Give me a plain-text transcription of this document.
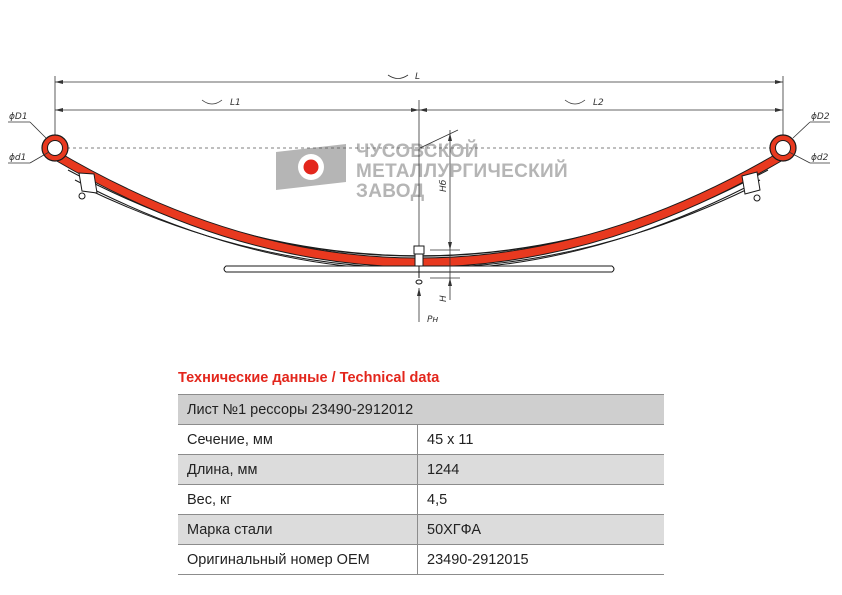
ЧУСОВСКОЙ
МЕТАЛЛУРГИЧЕСКИЙ
ЗАВОД
L
L1	L2
ϕD1
ϕd1
ϕD2
ϕd2
Hб
H
Pн
Технические данные / Technical data
Лист №1 рессоры 23490-2912012	
Сечение, мм	45 х 11
Длина, мм	1244
Вес, кг	4,5
Марка стали	50ХГФА
Оригинальный номер OEM	23490-2912015
